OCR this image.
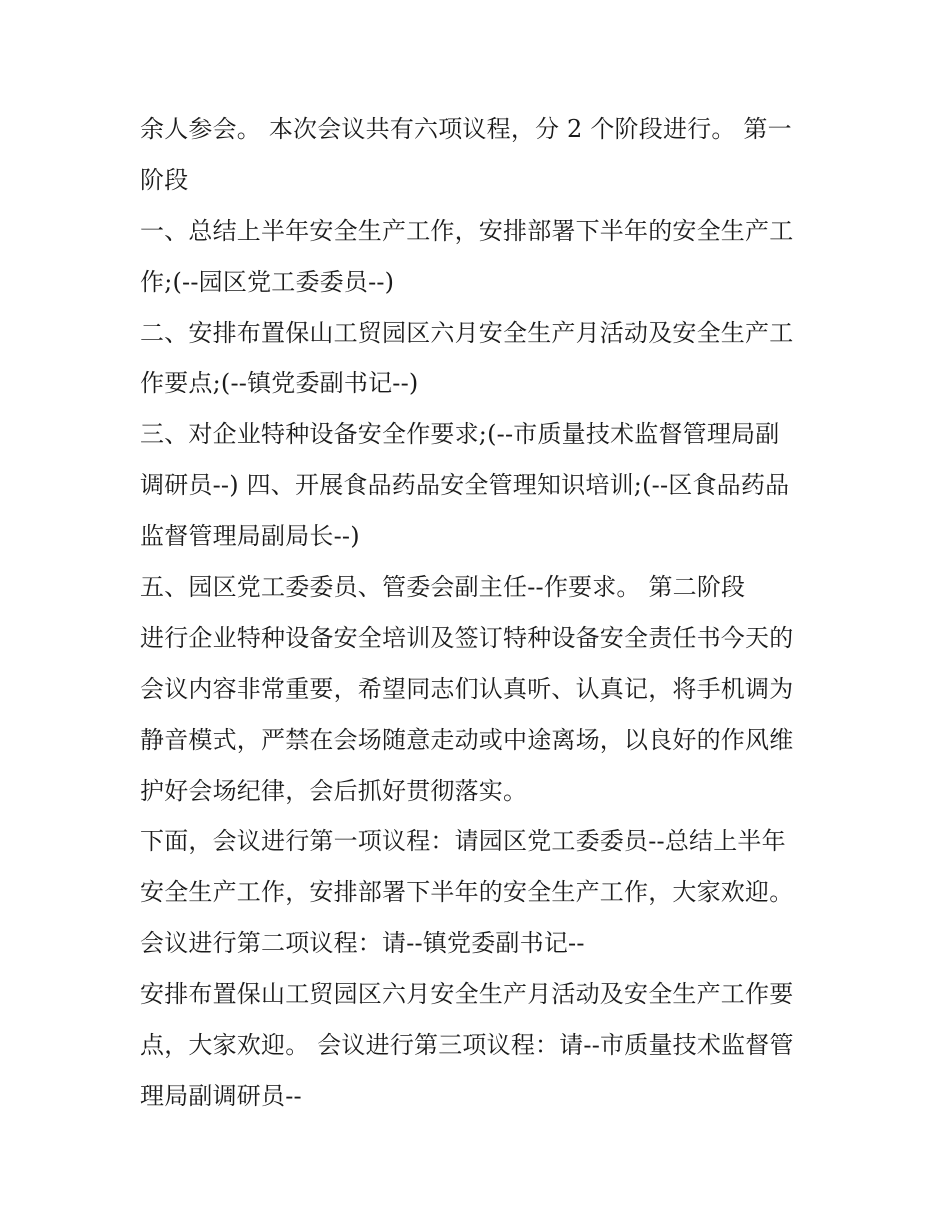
余人参会。 本次会议共有六项议程，分 2 个阶段进行。 第一
阶段
一、总结上半年安全生产工作，安排部署下半年的安全生产工
作;(--园区党工委委员--)
二、安排布置保山工贸园区六月安全生产月活动及安全生产工
作要点;(--镇党委副书记--)
三、对企业特种设备安全作要求;(--市质量技术监督管理局副
调研员--) 四、开展食品药品安全管理知识培训;(--区食品药品
监督管理局副局长--)
五、园区党工委委员、管委会副主任--作要求。 第二阶段
进行企业特种设备安全培训及签订特种设备安全责任书今天的
会议内容非常重要，希望同志们认真听、认真记，将手机调为
静音模式，严禁在会场随意走动或中途离场，以良好的作风维
护好会场纪律，会后抓好贯彻落实。
下面，会议进行第一项议程：请园区党工委委员--总结上半年
安全生产工作，安排部署下半年的安全生产工作，大家欢迎。
会议进行第二项议程：请--镇党委副书记--
安排布置保山工贸园区六月安全生产月活动及安全生产工作要
点，大家欢迎。 会议进行第三项议程：请--市质量技术监督管
理局副调研员--
